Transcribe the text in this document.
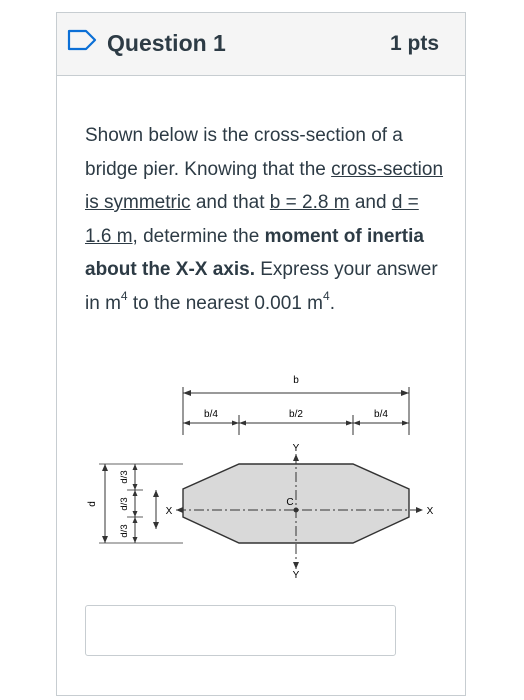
Question 1	1 pts
Shown below is the cross-section of a bridge pier. Knowing that the cross-section is symmetric and that b = 2.8 m and d = 1.6 m, determine the moment of inertia about the X-X axis. Express your answer in $m^4$ to the nearest 0.001 $m^4$.
b
b/4	b/2	b/4
Y
Y
X	X
C
d
d/3
d/3
d/3
